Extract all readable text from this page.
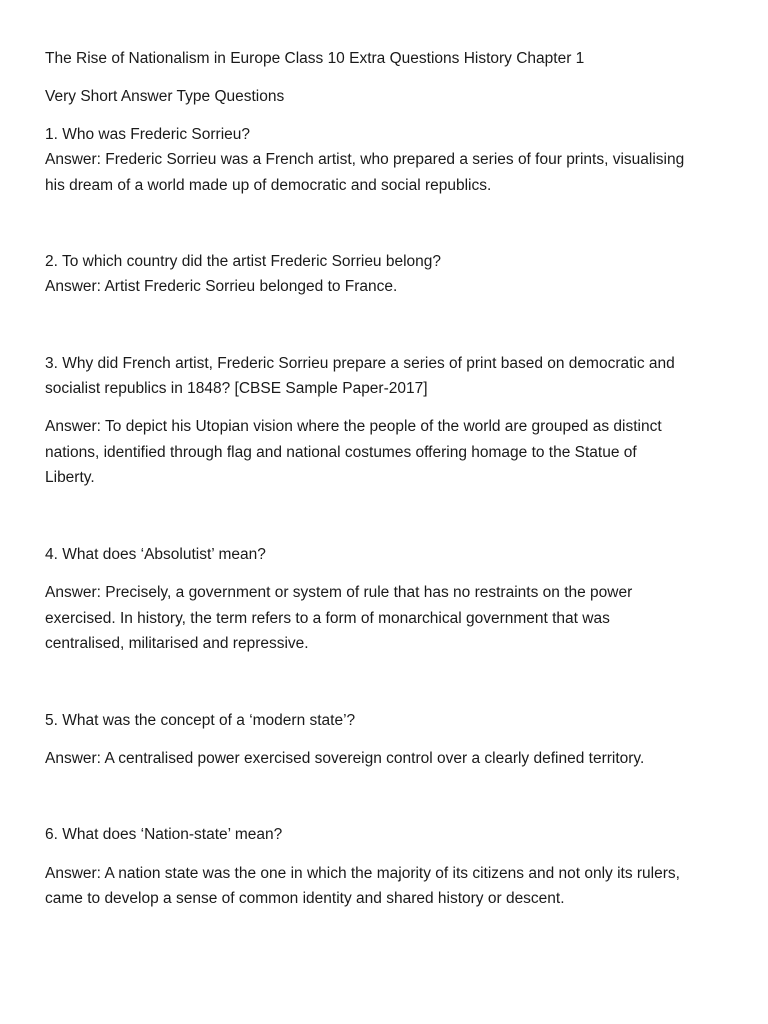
The Rise of Nationalism in Europe Class 10 Extra Questions History Chapter 1
Very Short Answer Type Questions
1. Who was Frederic Sorrieu?
Answer: Frederic Sorrieu was a French artist, who prepared a series of four prints, visualising
his dream of a world made up of democratic and social republics.
2. To which country did the artist Frederic Sorrieu belong?
Answer: Artist Frederic Sorrieu belonged to France.
3. Why did French artist, Frederic Sorrieu prepare a series of print based on democratic and
socialist republics in 1848? [CBSE Sample Paper-2017]
Answer: To depict his Utopian vision where the people of the world are grouped as distinct
nations, identified through flag and national costumes offering homage to the Statue of
Liberty.
4. What does ‘Absolutist’ mean?
Answer: Precisely, a government or system of rule that has no restraints on the power
exercised. In history, the term refers to a form of monarchical government that was
centralised, militarised and repressive.
5. What was the concept of a ‘modern state’?
Answer: A centralised power exercised sovereign control over a clearly defined territory.
6. What does ‘Nation-state’ mean?
Answer: A nation state was the one in which the majority of its citizens and not only its rulers,
came to develop a sense of common identity and shared history or descent.
